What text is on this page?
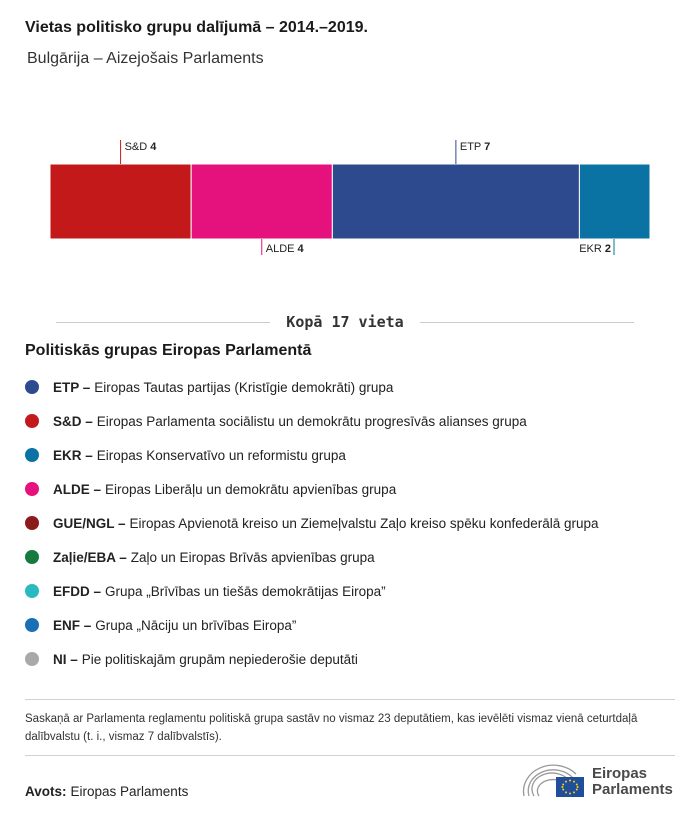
Vietas politisko grupu dalījumā – 2014.–2019.
Bulgārija – Aizejošais Parlaments
S&D 4
ALDE 4
ETP 7
EKR 2
Kopā 17 vieta
Politiskās grupas Eiropas Parlamentā
ETP – Eiropas Tautas partijas (Kristīgie demokrāti) grupa
S&D – Eiropas Parlamenta sociālistu un demokrātu progresīvās alianses grupa
EKR – Eiropas Konservatīvo un reformistu grupa
ALDE – Eiropas Liberāļu un demokrātu apvienības grupa
GUE/NGL – Eiropas Apvienotā kreiso un Ziemeļvalstu Zaļo kreiso spēku konfederālā grupa
Zaļie/EBA – Zaļo un Eiropas Brīvās apvienības grupa
EFDD – Grupa „Brīvības un tiešās demokrātijas Eiropa”
ENF – Grupa „Nāciju un brīvības Eiropa”
NI – Pie politiskajām grupām nepiederošie deputāti
Saskaņā ar Parlamenta reglamentu politiskā grupa sastāv no vismaz 23 deputātiem, kas ievēlēti vismaz vienā ceturtdaļā dalībvalstu (t. i., vismaz 7 dalībvalstīs).
Avots: Eiropas Parlaments
Eiropas
Parlaments
